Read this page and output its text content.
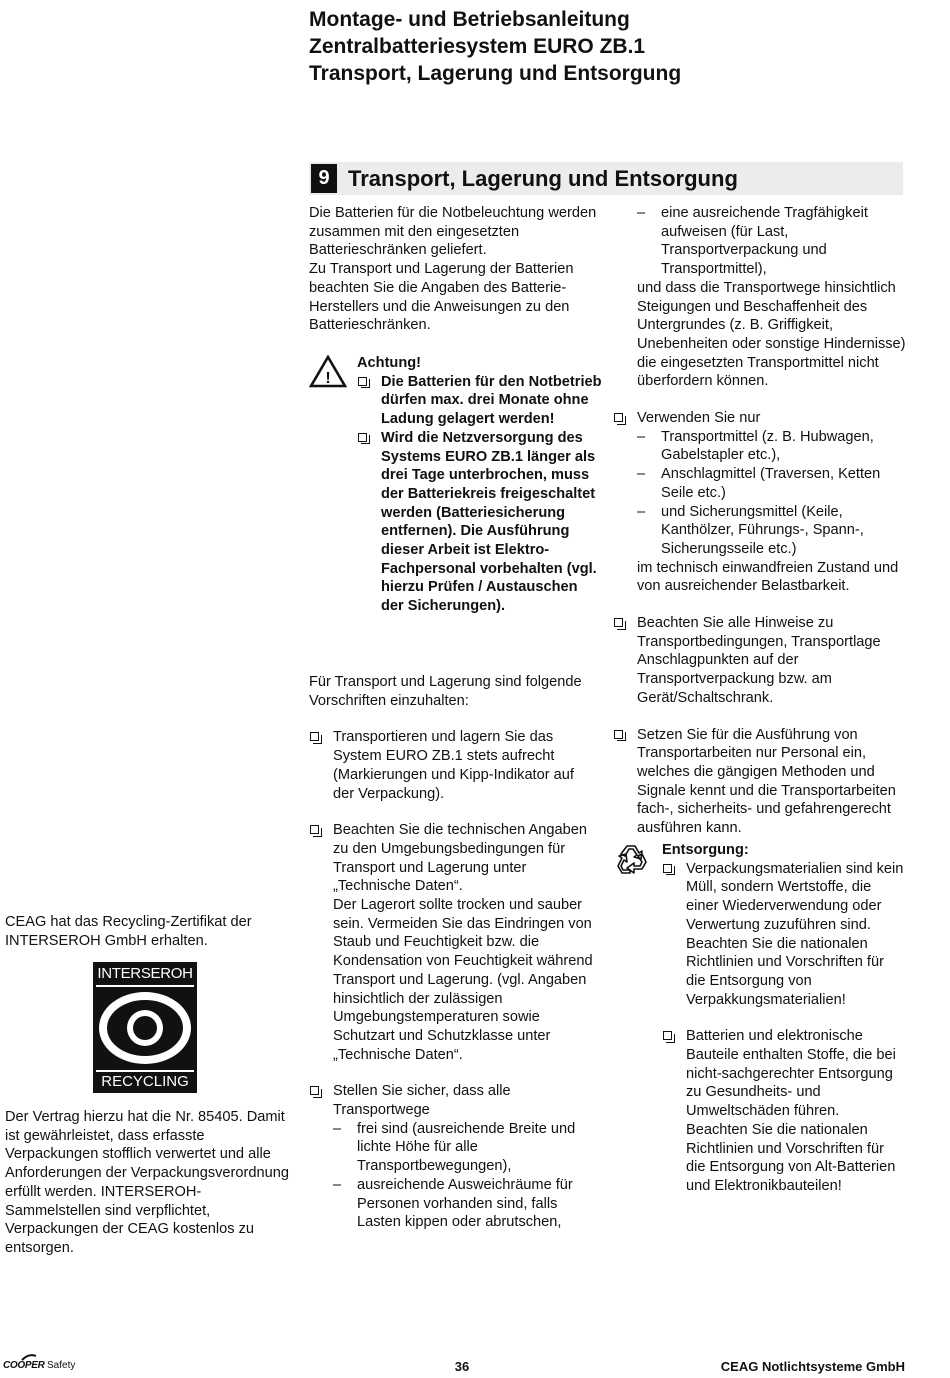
Montage- und Betriebsanleitung
Zentralbatteriesystem EURO ZB.1
Transport, Lagerung und Entsorgung
9 Transport, Lagerung und Entsorgung
Die Batterien für die Notbeleuchtung werden zusammen mit den eingesetzten Batterieschränken geliefert.
Zu Transport und Lagerung der Batterien beachten Sie die Angaben des Batterie-Herstellers und die Anweisungen zu den Batterieschränken.
!
Achtung!
Die Batterien für den Notbetrieb dürfen max. drei Monate ohne Ladung gelagert werden!
Wird die Netzversorgung des Systems EURO ZB.1 länger als drei Tage unterbrochen, muss der Batteriekreis freigeschaltet werden (Batteriesicherung entfernen). Die Ausführung dieser Arbeit ist Elektro-Fachpersonal vorbehalten (vgl. hierzu Prüfen / Austauschen der Sicherungen).
Für Transport und Lagerung sind folgende Vorschriften einzuhalten:
Transportieren und lagern Sie das System EURO ZB.1 stets aufrecht (Markierungen und Kipp-Indikator auf der Verpackung).
Beachten Sie die technischen Angaben zu den Umgebungsbedingungen für Transport und Lagerung unter „Technische Daten“.
Der Lagerort sollte trocken und sauber sein. Vermeiden Sie das Eindringen von Staub und Feuchtigkeit bzw. die Kondensation von Feuchtigkeit während Transport und Lagerung. (vgl. Angaben hinsichtlich der zulässigen Umgebungstemperaturen sowie Schutzart und Schutzklasse unter „Technische Daten“.
Stellen Sie sicher, dass alle Transportwege
– frei sind (ausreichende Breite und lichte Höhe für alle Transportbewegungen),
– ausreichende Ausweichräume für Personen vorhanden sind, falls Lasten kippen oder abrutschen,
– eine ausreichende Tragfähigkeit aufweisen (für Last, Transportverpackung und Transportmittel),
und dass die Transportwege hinsichtlich Steigungen und Beschaffenheit des Untergrundes (z. B. Griffigkeit, Unebenheiten oder sonstige Hindernisse) die eingesetzten Transportmittel nicht überfordern können.
Verwenden Sie nur
– Transportmittel (z. B. Hubwagen, Gabelstapler etc.),
– Anschlagmittel (Traversen, Ketten Seile etc.)
– und Sicherungsmittel (Keile, Kanthölzer, Führungs-, Spann-, Sicherungsseile etc.)
im technisch einwandfreien Zustand und von ausreichender Belastbarkeit.
Beachten Sie alle Hinweise zu Transportbedingungen, Transportlage Anschlagpunkten auf der Transportverpackung bzw. am Gerät/Schaltschrank.
Setzen Sie für die Ausführung von Transportarbeiten nur Personal ein, welches die gängigen Methoden und Signale kennt und die Transportarbeiten fach-, sicherheits- und gefahrengerecht ausführen kann.
Entsorgung:
Verpackungsmaterialien sind kein Müll, sondern Wertstoffe, die einer Wiederverwendung oder Verwertung zuzuführen sind.
Beachten Sie die nationalen Richtlinien und Vorschriften für die Entsorgung von Verpakkungsmaterialien!
Batterien und elektronische Bauteile enthalten Stoffe, die bei nicht-sachgerechter Entsorgung zu Gesundheits- und Umweltschäden führen.
Beachten Sie die nationalen Richtlinien und Vorschriften für die Entsorgung von Alt-Batterien und Elektronikbauteilen!
CEAG hat das Recycling-Zertifikat der INTERSEROH GmbH erhalten.
INTERSEROH
RECYCLING
Der Vertrag hierzu hat die Nr. 85405. Damit ist gewährleistet, dass erfasste Verpackungen stofflich verwertet und alle Anforderungen der Verpackungsverordnung erfüllt werden. INTERSEROH-Sammelstellen sind verpflichtet, Verpackungen der CEAG kostenlos zu entsorgen.
COOPER Safety	36	CEAG Notlichtsysteme GmbH
